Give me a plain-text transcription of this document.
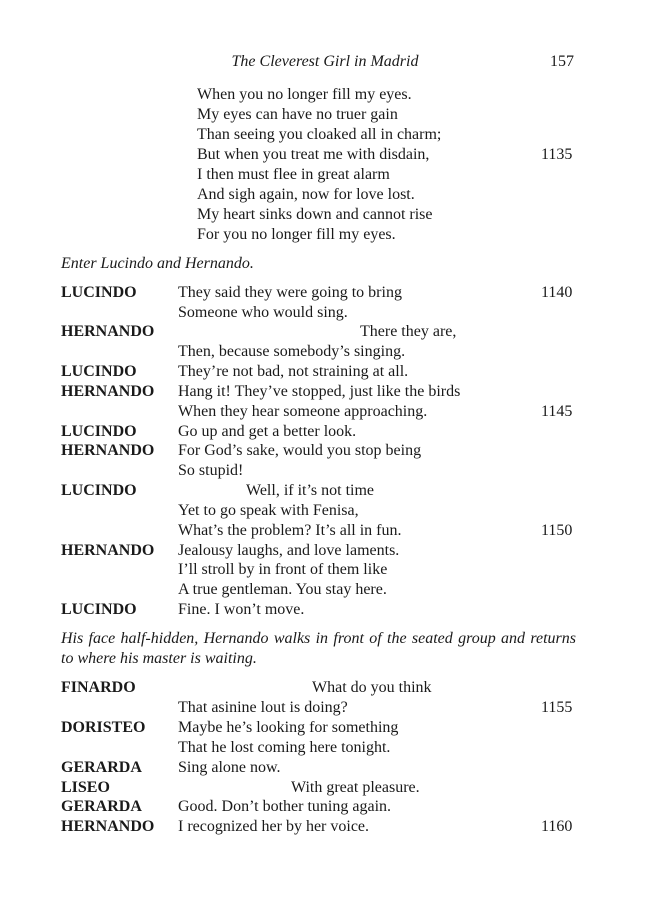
The Cleverest Girl in Madrid	157
When you no longer fill my eyes.
My eyes can have no truer gain
Than seeing you cloaked all in charm;
But when you treat me with disdain,	1135
I then must flee in great alarm
And sigh again, now for love lost.
My heart sinks down and cannot rise
For you no longer fill my eyes.
Enter Lucindo and Hernando.
LUCINDO	They said they were going to bring	1140
Someone who would sing.
HERNANDO	There they are,
Then, because somebody’s singing.
LUCINDO	They’re not bad, not straining at all.
HERNANDO Hang it! They’ve stopped, just like the birds
When they hear someone approaching.	1145
LUCINDO	Go up and get a better look.
HERNANDO For God’s sake, would you stop being
So stupid!
LUCINDO	Well, if it’s not time
Yet to go speak with Fenisa,
What’s the problem? It’s all in fun.	1150
HERNANDO Jealousy laughs, and love laments.
I’ll stroll by in front of them like
A true gentleman. You stay here.
LUCINDO	Fine. I won’t move.
His face half-hidden, Hernando walks in front of the seated group and returns to where his master is waiting.
FINARDO	What do you think
That asinine lout is doing?	1155
DORISTEO Maybe he’s looking for something
That he lost coming here tonight.
GERARDA Sing alone now.
LISEO	With great pleasure.
GERARDA Good. Don’t bother tuning again.
HERNANDO I recognized her by her voice.	1160
